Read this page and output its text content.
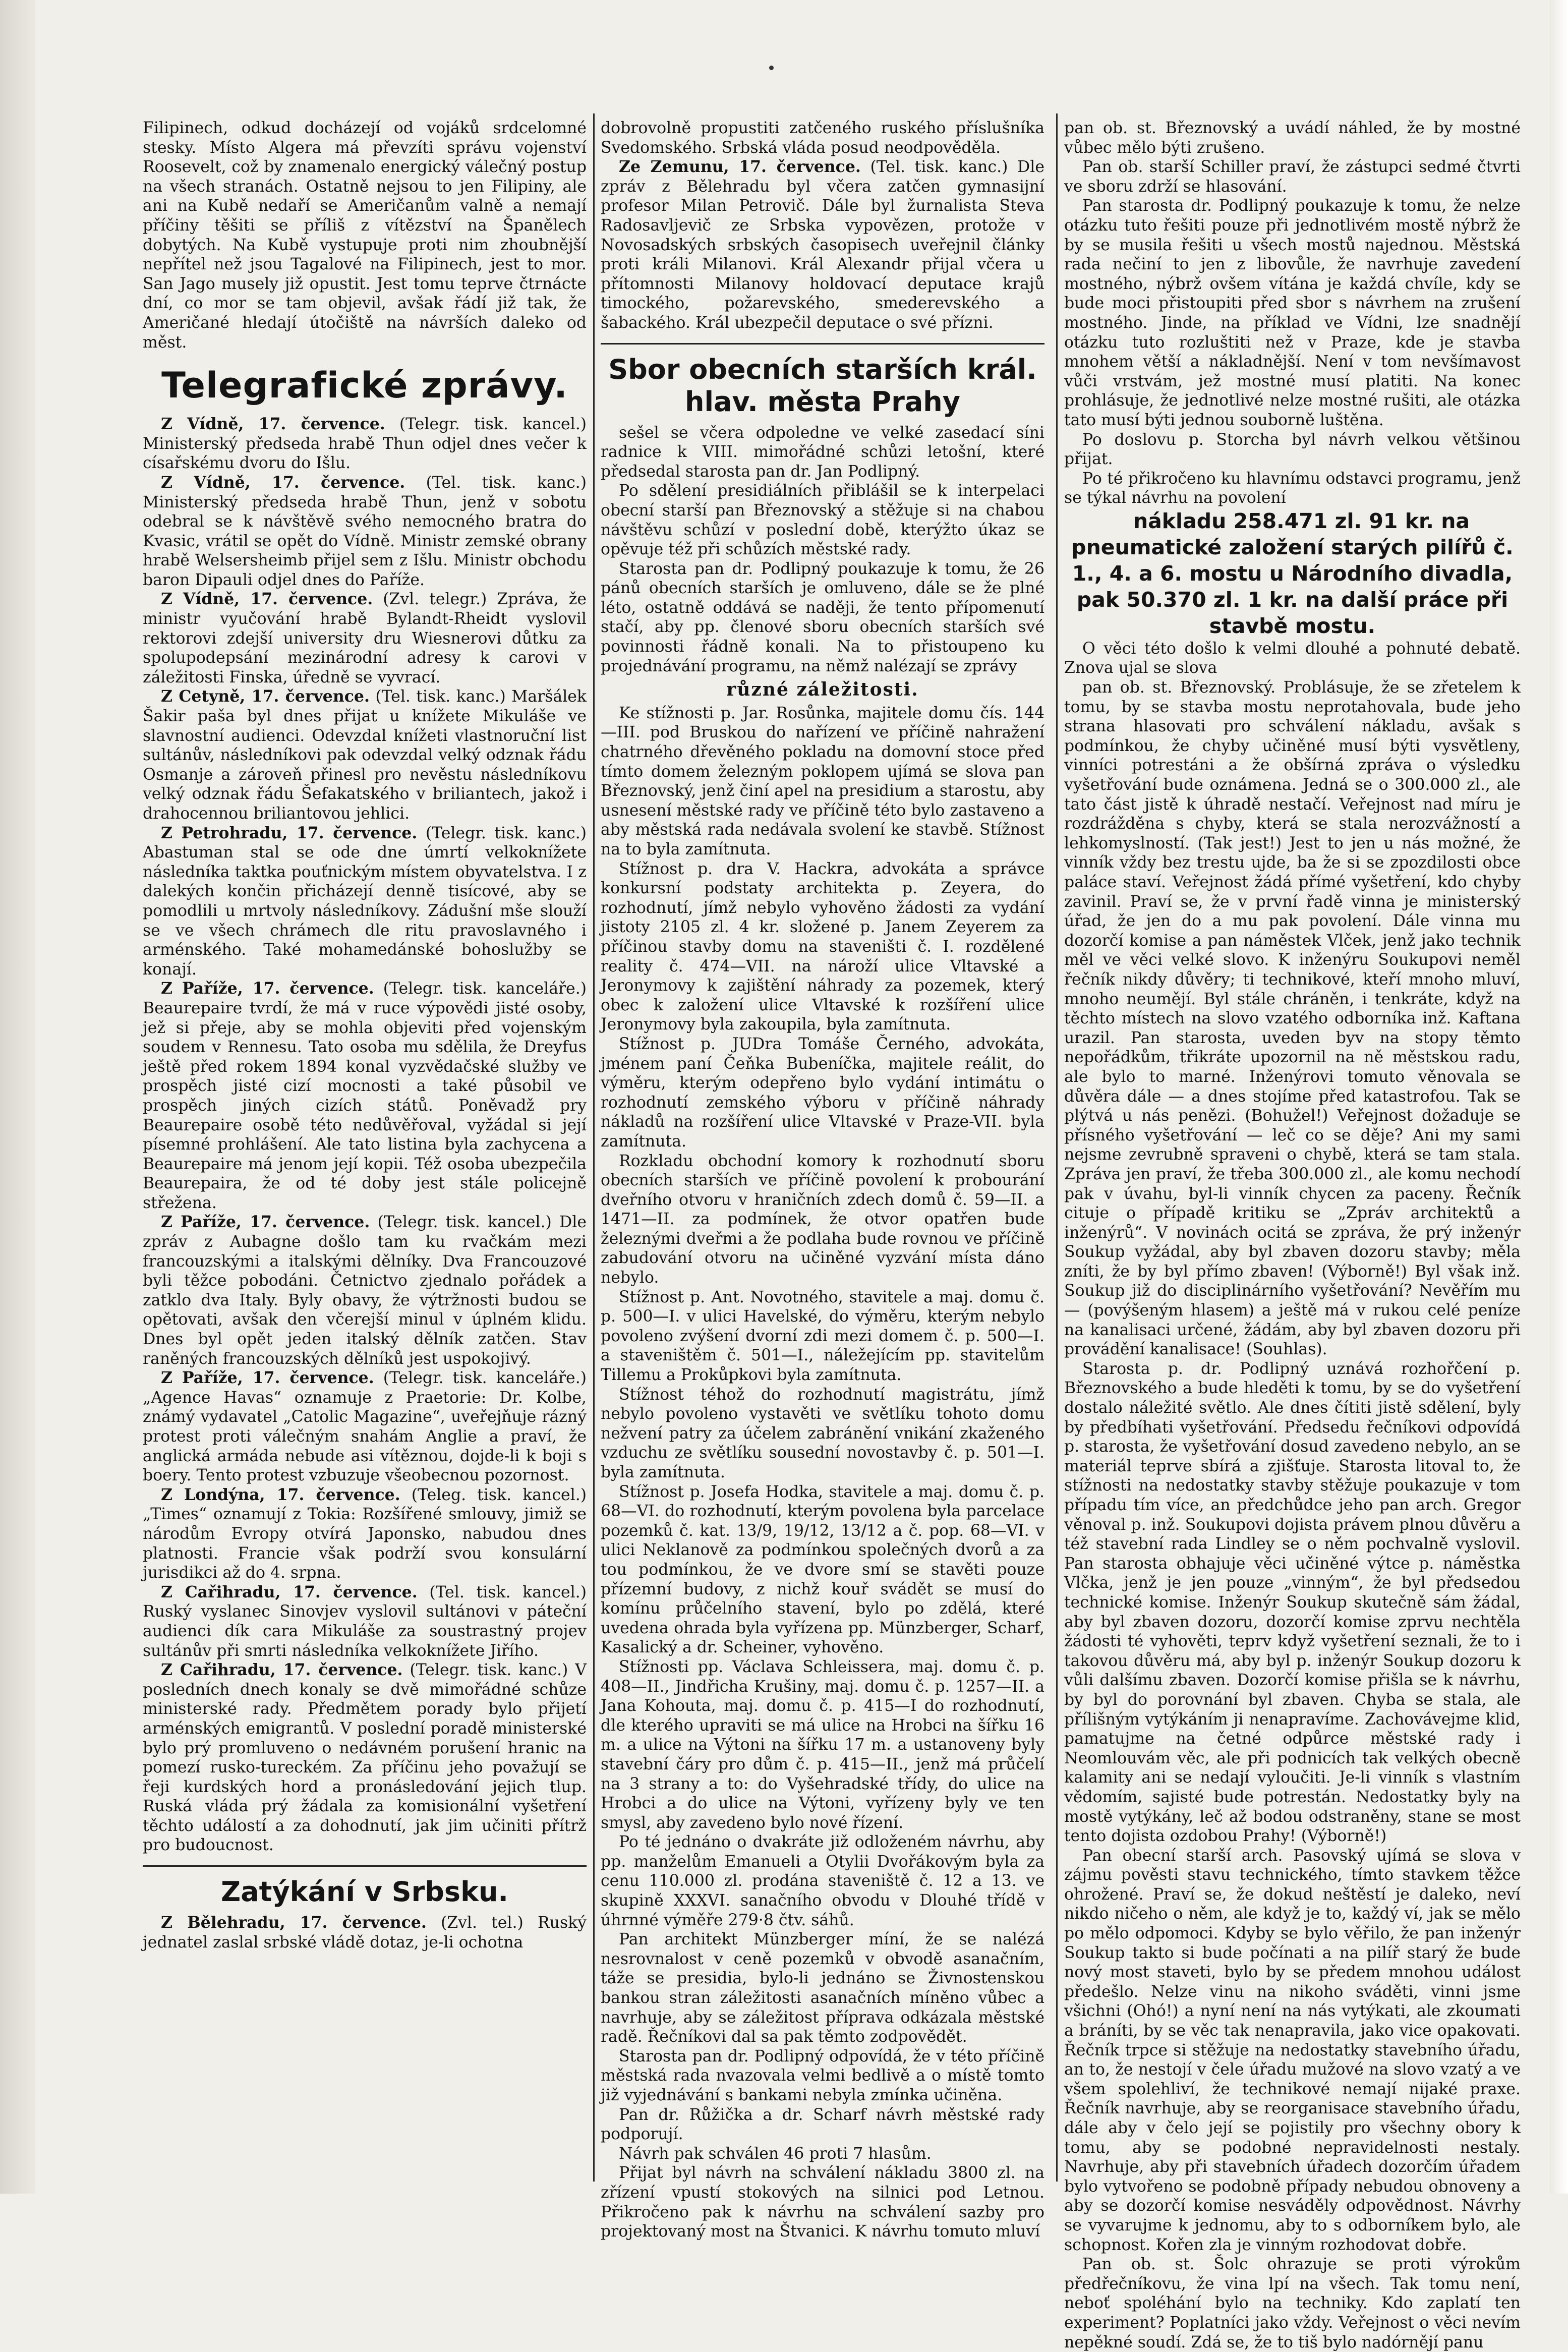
Filipinech, odkud docházejí od vojáků srdcelomné stesky. Místo Algera má převzíti správu vojenství Roosevelt, což by znamenalo energický válečný postup na všech stranách. Ostatně nejsou to jen Filipiny, ale ani na Kubě nedaří se Američanům valně a nemají příčiny těšiti se příliš z vítězství na Španělech dobytých. Na Kubě vystupuje proti nim zhoubnější nepřítel než jsou Tagalové na Filipinech, jest to mor. San Jago musely již opustit. Jest tomu teprve čtrnácte dní, co mor se tam objevil, avšak řádí již tak, že Američané hledají útočiště na návrších daleko od měst.

Telegrafické zprávy.

Z Vídně, 17. července. (Telegr. tisk. kancel.) Ministerský předseda hrabě Thun odjel dnes večer k císařskému dvoru do Išlu.

Z Vídně, 17. července. (Tel. tisk. kanc.) Ministerský předseda hrabě Thun, jenž v sobotu odebral se k návštěvě svého nemocného bratra do Kvasic, vrátil se opět do Vídně. Ministr zemské obrany hrabě Welsersheimb přijel sem z Išlu. Ministr obchodu baron Dipauli odjel dnes do Paříže.

Z Vídně, 17. července. (Zvl. telegr.) Zpráva, že ministr vyučování hrabě Bylandt-Rheidt vyslovil rektorovi zdejší university dru Wiesnerovi důtku za spolupodepsání mezinárodní adresy k carovi v záležitosti Finska, úředně se vyvrací.

Z Cetyně, 17. července. (Tel. tisk. kanc.) Maršálek Šakir paša byl dnes přijat u knížete Mikuláše ve slavnostní audienci. Odevzdal knížeti vlastnoruční list sultánův, následníkovi pak odevzdal velký odznak řádu Osmanje a zároveň přinesl pro nevěstu následníkovu velký odznak řádu Šefakatského v briliantech, jakož i drahocennou briliantovou jehlici.

Z Petrohradu, 17. července. (Telegr. tisk. kanc.) Abastuman stal se ode dne úmrtí velkoknížete následníka taktka pouťnickým místem obyvatelstva. I z dalekých končin přicházejí denně tisícové, aby se pomodlili u mrtvoly následníkovy. Zádušní mše slouží se ve všech chrámech dle ritu pravoslavného i arménského. Také mohamedánské bohoslužby se konají.

Z Paříže, 17. července. (Telegr. tisk. kanceláře.) Beaurepaire tvrdí, že má v ruce výpovědi jisté osoby, jež si přeje, aby se mohla objeviti před vojenským soudem v Rennesu. Tato osoba mu sdělila, že Dreyfus ještě před rokem 1894 konal vyzvědačské služby ve prospěch jisté cizí mocnosti a také působil ve prospěch jiných cizích států. Poněvadž pry Beaurepaire osobě této nedůvěřoval, vyžádal si její písemné prohlášení. Ale tato listina byla zachycena a Beaurepaire má jenom její kopii. Též osoba ubezpečila Beaurepaira, že od té doby jest stále policejně střežena.

Z Paříže, 17. července. (Telegr. tisk. kancel.) Dle zpráv z Aubagne došlo tam ku rvačkám mezi francouzskými a italskými dělníky. Dva Francouzové byli těžce pobodáni. Četnictvo zjednalo pořádek a zatklo dva Italy. Byly obavy, že výtržnosti budou se opětovati, avšak den včerejší minul v úplném klidu. Dnes byl opět jeden italský dělník zatčen. Stav raněných francouzských dělníků jest uspokojivý.

Z Paříže, 17. července. (Telegr. tisk. kanceláře.) „Agence Havas“ oznamuje z Praetorie: Dr. Kolbe, známý vydavatel „Catolic Magazine“, uveřejňuje rázný protest proti válečným snahám Anglie a praví, že anglická armáda nebude asi vítěznou, dojde-li k boji s boery. Tento protest vzbuzuje všeobecnou pozornost.

Z Londýna, 17. července. (Teleg. tisk. kancel.) „Times“ oznamují z Tokia: Rozšířené smlouvy, jimiž se národům Evropy otvírá Japonsko, nabudou dnes platnosti. Francie však podrží svou konsulární jurisdikci až do 4. srpna.

Z Cařihradu, 17. července. (Tel. tisk. kancel.) Ruský vyslanec Sinovjev vyslovil sultánovi v páteční audienci dík cara Mikuláše za soustrastný projev sultánův při smrti následníka velkoknížete Jiřího.

Z Cařihradu, 17. července. (Telegr. tisk. kanc.) V posledních dnech konaly se dvě mimořádné schůze ministerské rady. Předmětem porady bylo přijetí arménských emigrantů. V poslední poradě ministerské bylo prý promluveno o nedávném porušení hranic na pomezí rusko-tureckém. Za příčinu jeho považují se řeji kurdských hord a pronásledování jejich tlup. Ruská vláda prý žádala za komisionální vyšetření těchto událostí a za dohodnutí, jak jim učiniti přítrž pro budoucnost.

Zatýkání v Srbsku.

Z Bělehradu, 17. července. (Zvl. tel.) Ruský jednatel zaslal srbské vládě dotaz, je-li ochotna

dobrovolně propustiti zatčeného ruského příslušníka Svedomského. Srbská vláda posud neodpověděla.

Ze Zemunu, 17. července. (Tel. tisk. kanc.) Dle zpráv z Bělehradu byl včera zatčen gymnasijní profesor Milan Petrovič. Dále byl žurnalista Steva Radosavljevič ze Srbska vypovězen, protože v Novosadských srbských časopisech uveřejnil články proti králi Milanovi. Král Alexandr přijal včera u přítomnosti Milanovy holdovací deputace krajů timockého, požarevského, smederevského a šabackého. Král ubezpečil deputace o své přízni.

Sbor obecních starších král. hlav. města Prahy

sešel se včera odpoledne ve velké zasedací síni radnice k VIII. mimořádné schůzi letošní, které předsedal starosta pan dr. Jan Podlipný.

Po sdělení presidiálních přiblášil se k interpelaci obecní starší pan Březnovský a stěžuje si na chabou návštěvu schůzí v poslední době, kterýžto úkaz se opěvuje též při schůzích městské rady.

Starosta pan dr. Podlipný poukazuje k tomu, že 26 pánů obecních starších je omluveno, dále se že plné léto, ostatně oddává se naději, že tento přípomenutí stačí, aby pp. členové sboru obecních starších své povinnosti řádně konali. Na to přistoupeno ku projednávání programu, na němž nalézají se zprávy

různé záležitosti.

Ke stížnosti p. Jar. Rosůnka, majitele domu čís. 144—III. pod Bruskou do nařízení ve příčině nahražení chatrného dřevěného pokladu na domovní stoce před tímto domem železným poklopem ujímá se slova pan Březnovský, jenž činí apel na presidium a starostu, aby usnesení městské rady ve příčině této bylo zastaveno a aby městská rada nedávala svolení ke stavbě. Stížnost na to byla zamítnuta.

Stížnost p. dra V. Hackra, advokáta a správce konkursní podstaty architekta p. Zeyera, do rozhodnutí, jímž nebylo vyhověno žádosti za vydání jistoty 2105 zl. 4 kr. složené p. Janem Zeyerem za příčinou stavby domu na staveništi č. I. rozdělené reality č. 474—VII. na nároží ulice Vltavské a Jeronymovy k zajištění náhrady za pozemek, který obec k založení ulice Vltavské k rozšíření ulice Jeronymovy byla zakoupila, byla zamítnuta.

Stížnost p. JUDra Tomáše Černého, advokáta, jménem paní Čeňka Bubeníčka, majitele reálit, do výměru, kterým odepřeno bylo vydání intimátu o rozhodnutí zemského výboru v příčině náhrady nákladů na rozšíření ulice Vltavské v Praze-VII. byla zamítnuta.

Rozkladu obchodní komory k rozhodnutí sboru obecních starších ve příčině povolení k probourání dveřního otvoru v hraničních zdech domů č. 59—II. a 1471—II. za podmínek, že otvor opatřen bude železnými dveřmi a že podlaha bude rovnou ve příčině zabudování otvoru na učiněné vyzvání místa dáno nebylo.

Stížnost p. Ant. Novotného, stavitele a maj. domu č. p. 500—I. v ulici Havelské, do výměru, kterým nebylo povoleno zvýšení dvorní zdi mezi domem č. p. 500—I. a staveništěm č. 501—I., náležejícím pp. stavitelům Tillemu a Prokůpkovi byla zamítnuta.

Stížnost téhož do rozhodnutí magistrátu, jímž nebylo povoleno vystavěti ve světlíku tohoto domu nežvení patry za účelem zabránění vnikání zkaženého vzduchu ze světlíku sousední novostavby č. p. 501—I. byla zamítnuta.

Stížnost p. Josefa Hodka, stavitele a maj. domu č. p. 68—VI. do rozhodnutí, kterým povolena byla parcelace pozemků č. kat. 13/9, 19/12, 13/12 a č. pop. 68—VI. v ulici Neklanově za podmínkou společných dvorů a za tou podmínkou, že ve dvore smí se stavěti pouze přízemní budovy, z nichž kouř svádět se musí do komínu průčelního stavení, bylo po zdělá, které uvedena ohrada byla vyřízena pp. Münzberger, Scharf, Kasalický a dr. Scheiner, vyhověno.

Stížnosti pp. Václava Schleissera, maj. domu č. p. 408—II., Jindřicha Krušiny, maj. domu č. p. 1257—II. a Jana Kohouta, maj. domu č. p. 415—I do rozhodnutí, dle kterého upraviti se má ulice na Hrobci na šířku 16 m. a ulice na Výtoni na šířku 17 m. a ustanoveny byly stavební čáry pro dům č. p. 415—II., jenž má průčelí na 3 strany a to: do Vyšehradské třídy, do ulice na Hrobci a do ulice na Výtoni, vyřízeny byly ve ten smysl, aby zavedeno bylo nové řízení.

Po té jednáno o dvakráte již odloženém návrhu, aby pp. manželům Emanueli a Otylii Dvořákovým byla za cenu 110.000 zl. prodána staveniště č. 12 a 13. ve skupině XXXVI. sanačního obvodu v Dlouhé třídě v úhrnné výměře 279·8 čtv. sáhů.

Pan architekt Münzberger míní, že se nalézá nesrovnalost v ceně pozemků v obvodě asanačním, táže se presidia, bylo-li jednáno se Živnostenskou bankou stran záležitosti asanačních míněno vůbec a navrhuje, aby se záležitost příprava odkázala městské radě. Řečníkovi dal sa pak těmto zodpovědět.

Starosta pan dr. Podlipný odpovídá, že v této příčině městská rada nvazovala velmi bedlivě a o místě tomto již vyjednávání s bankami nebyla zmínka učiněna.

Pan dr. Růžička a dr. Scharf návrh městské rady podporují.

Návrh pak schválen 46 proti 7 hlasům.

Přijat byl návrh na schválení nákladu 3800 zl. na zřízení vpustí stokových na silnici pod Letnou. Přikročeno pak k návrhu na schválení sazby pro projektovaný most na Štvanici. K návrhu tomuto mluví

pan ob. st. Březnovský a uvádí náhled, že by mostné vůbec mělo býti zrušeno.

Pan ob. starší Schiller praví, že zástupci sedmé čtvrti ve sboru zdrží se hlasování.

Pan starosta dr. Podlipný poukazuje k tomu, že nelze otázku tuto řešiti pouze při jednotlivém mostě nýbrž že by se musila řešiti u všech mostů najednou. Městská rada nečiní to jen z libovůle, že navrhuje zavedení mostného, nýbrž ovšem vítána je každá chvíle, kdy se bude moci přistoupiti před sbor s návrhem na zrušení mostného. Jinde, na příklad ve Vídni, lze snadnějí otázku tuto rozluštiti než v Praze, kde je stavba mnohem větší a nákladnější. Není v tom nevšímavost vůči vrstvám, jež mostné musí platiti. Na konec prohlásuje, že jednotlivé nelze mostné rušiti, ale otázka tato musí býti jednou souborně luštěna.

Po doslovu p. Storcha byl návrh velkou většinou přijat.

Po té přikročeno ku hlavnímu odstavci programu, jenž se týkal návrhu na povolení

nákladu 258.471 zl. 91 kr. na pneumatické založení starých pilířů č. 1., 4. a 6. mostu u Národního divadla, pak 50.370 zl. 1 kr. na další práce při stavbě mostu.

O věci této došlo k velmi dlouhé a pohnuté debatě. Znova ujal se slova

pan ob. st. Březnovský. Problásuje, že se zřetelem k tomu, by se stavba mostu neprotahovala, bude jeho strana hlasovati pro schválení nákladu, avšak s podmínkou, že chyby učiněné musí býti vysvětleny, vinníci potrestáni a že obšírná zpráva o výsledku vyšetřování bude oznámena. Jedná se o 300.000 zl., ale tato část jistě k úhradě nestačí. Veřejnost nad míru je rozdrážděna s chyby, která se stala nerozvážností a lehkomyslností. (Tak jest!) Jest to jen u nás možné, že vinník vždy bez trestu ujde, ba že si se zpozdilosti obce paláce staví. Veřejnost žádá přímé vyšetření, kdo chyby zavinil. Praví se, že v první řadě vinna je ministerský úřad, že jen do a mu pak povolení. Dále vinna mu dozorčí komise a pan náměstek Vlček, jenž jako technik měl ve věci velké slovo. K inženýru Soukupovi neměl řečník nikdy důvěry; ti technikové, kteří mnoho mluví, mnoho neumějí. Byl stále chráněn, i tenkráte, když na těchto místech na slovo vzatého odborníka inž. Kaftana urazil. Pan starosta, uveden byv na stopy těmto nepořádkům, třikráte upozornil na ně městskou radu, ale bylo to marné. Inženýrovi tomuto věnovala se důvěra dále — a dnes stojíme před katastrofou. Tak se plýtvá u nás penězi. (Bohužel!) Veřejnost dožaduje se přísného vyšetřování — leč co se děje? Ani my sami nejsme zevrubně spraveni o chybě, která se tam stala. Zpráva jen praví, že třeba 300.000 zl., ale komu nechodí pak v úvahu, byl-li vinník chycen za paceny. Řečník cituje o případě kritiku se „Zpráv architektů a inženýrů“. V novinách ocitá se zpráva, že prý inženýr Soukup vyžádal, aby byl zbaven dozoru stavby; měla zníti, že by byl přímo zbaven! (Výborně!) Byl však inž. Soukup již do disciplinárního vyšetřování? Nevěřím mu — (povýšeným hlasem) a ještě má v rukou celé peníze na kanalisaci určené, žádám, aby byl zbaven dozoru při provádění kanalisace! (Souhlas).

Starosta p. dr. Podlipný uznává rozhořčení p. Březnovského a bude hleděti k tomu, by se do vyšetření dostalo náležité světlo. Ale dnes čítiti jistě sdělení, byly by předbíhati vyšetřování. Předsedu řečníkovi odpovídá p. starosta, že vyšetřování dosud zavedeno nebylo, an se materiál teprve sbírá a zjišťuje. Starosta litoval to, že stížnosti na nedostatky stavby stěžuje poukazuje v tom případu tím více, an předchůdce jeho pan arch. Gregor věnoval p. inž. Soukupovi dojista právem plnou důvěru a též stavební rada Lindley se o něm pochvalně vyslovil. Pan starosta obhajuje věci učiněné výtce p. náměstka Vlčka, jenž je jen pouze „vinným“, že byl předsedou technické komise. Inženýr Soukup skutečně sám žádal, aby byl zbaven dozoru, dozorčí komise zprvu nechtěla žádosti té vyhověti, teprv když vyšetření seznali, že to i takovou důvěru má, aby byl p. inženýr Soukup dozoru k vůli dalšímu zbaven. Dozorčí komise přišla se k návrhu, by byl do porovnání byl zbaven. Chyba se stala, ale přílišným vytýkáním ji nenapravíme. Zachovávejme klid, pamatujme na četné odpůrce městské rady i Neomlouvám věc, ale při podnicích tak velkých obecně kalamity ani se nedají vyloučiti. Je-li vinník s vlastním vědomím, sajisté bude potrestán. Nedostatky byly na mostě vytýkány, leč až bodou odstraněny, stane se most tento dojista ozdobou Prahy! (Výborně!)

Pan obecní starší arch. Pasovský ujímá se slova v zájmu pověsti stavu technického, tímto stavkem těžce ohrožené. Praví se, že dokud neštěstí je daleko, neví nikdo ničeho o něm, ale když je to, každý ví, jak se mělo po mělo odpomoci. Kdyby se bylo věřilo, že pan inženýr Soukup takto si bude počínati a na pilíř starý že bude nový most staveti, bylo by se předem mnohou událost předešlo. Nelze vinu na nikoho sváděti, vinni jsme všichni (Ohó!) a nyní není na nás vytýkati, ale zkoumati a bráníti, by se věc tak nenapravila, jako vice opakovati. Řečník trpce si stěžuje na nedostatky stavebního úřadu, an to, že nestojí v čele úřadu mužové na slovo vzatý a ve všem spolehliví, že technikové nemají nijaké praxe. Řečník navrhuje, aby se reorganisace stavebního úřadu, dále aby v čelo její se pojistily pro všechny obory k tomu, aby se podobné nepravidelnosti nestaly. Navrhuje, aby při stavebních úřadech dozorčím úřadem bylo vytvořeno se podobně případy nebudou obnoveny a aby se dozorčí komise nesváděly odpovědnost. Návrhy se vyvarujme k jednomu, aby to s odborníkem bylo, ale schopnost. Kořen zla je vinným rozhodovat dobře.

Pan ob. st. Šolc ohrazuje se proti výrokům předřečníkovu, že vina lpí na všech. Tak tomu není, neboť spoléhání bylo na techniky. Kdo zaplatí ten experiment? Poplatníci jako vždy. Veřejnost o věci nevím nepěkné soudí. Zdá se, že to tiš bylo nadórnějí panu
